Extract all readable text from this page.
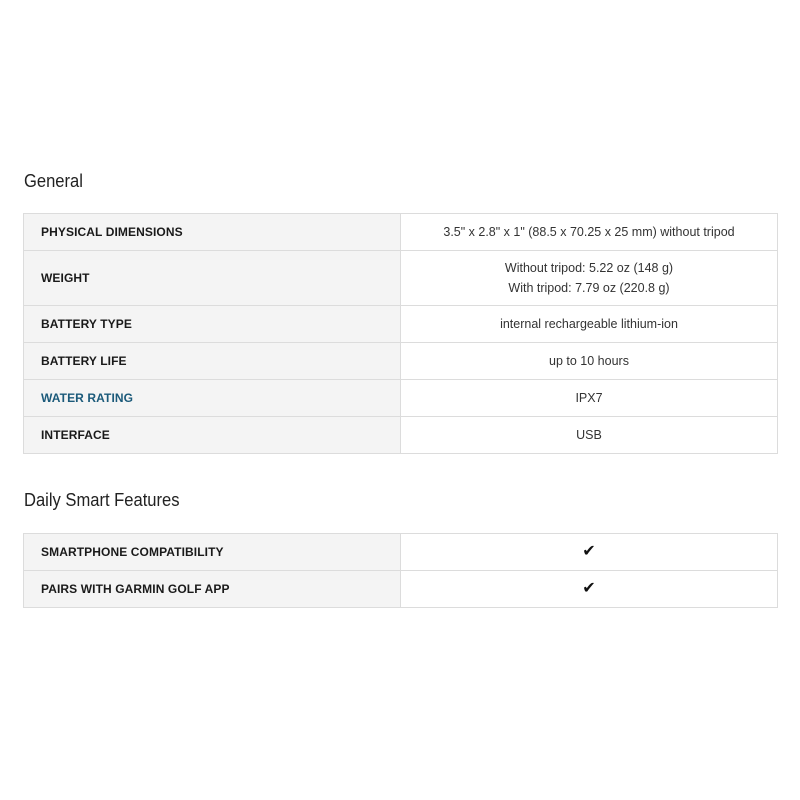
General
PHYSICAL DIMENSIONS	3.5" x 2.8" x 1" (88.5 x 70.25 x 25 mm) without tripod
WEIGHT
Without tripod: 5.22 oz (148 g)
With tripod: 7.79 oz (220.8 g)
BATTERY TYPE	internal rechargeable lithium-ion
BATTERY LIFE	up to 10 hours
WATER RATING	IPX7
INTERFACE	USB
Daily Smart Features
SMARTPHONE COMPATIBILITY	✔
PAIRS WITH GARMIN GOLF APP	✔
